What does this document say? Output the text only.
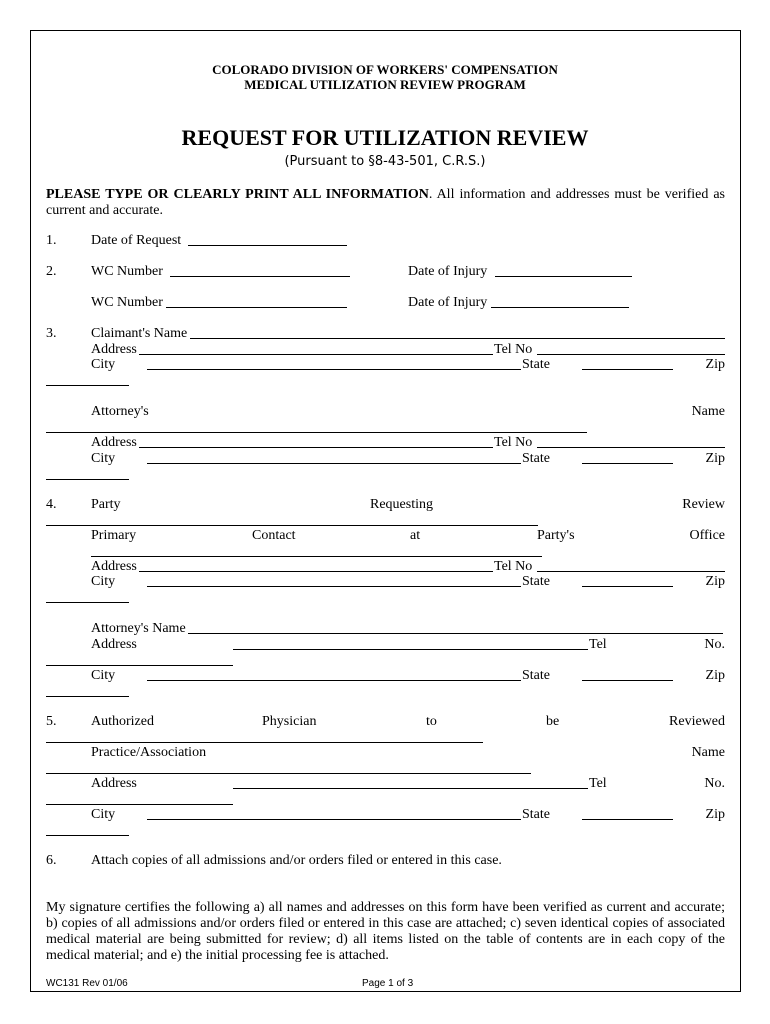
COLORADO DIVISION OF WORKERS' COMPENSATION
MEDICAL UTILIZATION REVIEW PROGRAM
REQUEST FOR UTILIZATION REVIEW
(Pursuant to §8-43-501, C.R.S.)
PLEASE TYPE OR CLEARLY PRINT ALL INFORMATION. All information and addresses must be verified as current and accurate.
1. Date of Request
2. WC Number	Date of Injury
WC Number	Date of Injury
3. Claimant's Name
Address	Tel No
City	State	Zip
Attorney's	Name
Address	Tel No
City	State	Zip
4. Party	Requesting	Review
Primary	Contact	at	Party's	Office
Address	Tel No
City	State	Zip
Attorney's Name
Address	Tel	No.
City	State	Zip
5. Authorized	Physician	to	be	Reviewed
Practice/Association	Name
Address	Tel	No.
City	State	Zip
6. Attach copies of all admissions and/or orders filed or entered in this case.
My signature certifies the following a) all names and addresses on this form have been verified as current and accurate; b) copies of all admissions and/or orders filed or entered in this case are attached; c) seven identical copies of associated medical material are being submitted for review; d) all items listed on the table of contents are in each copy of the medical material; and e) the initial processing fee is attached.
WC131 Rev 01/06	Page 1 of 3
